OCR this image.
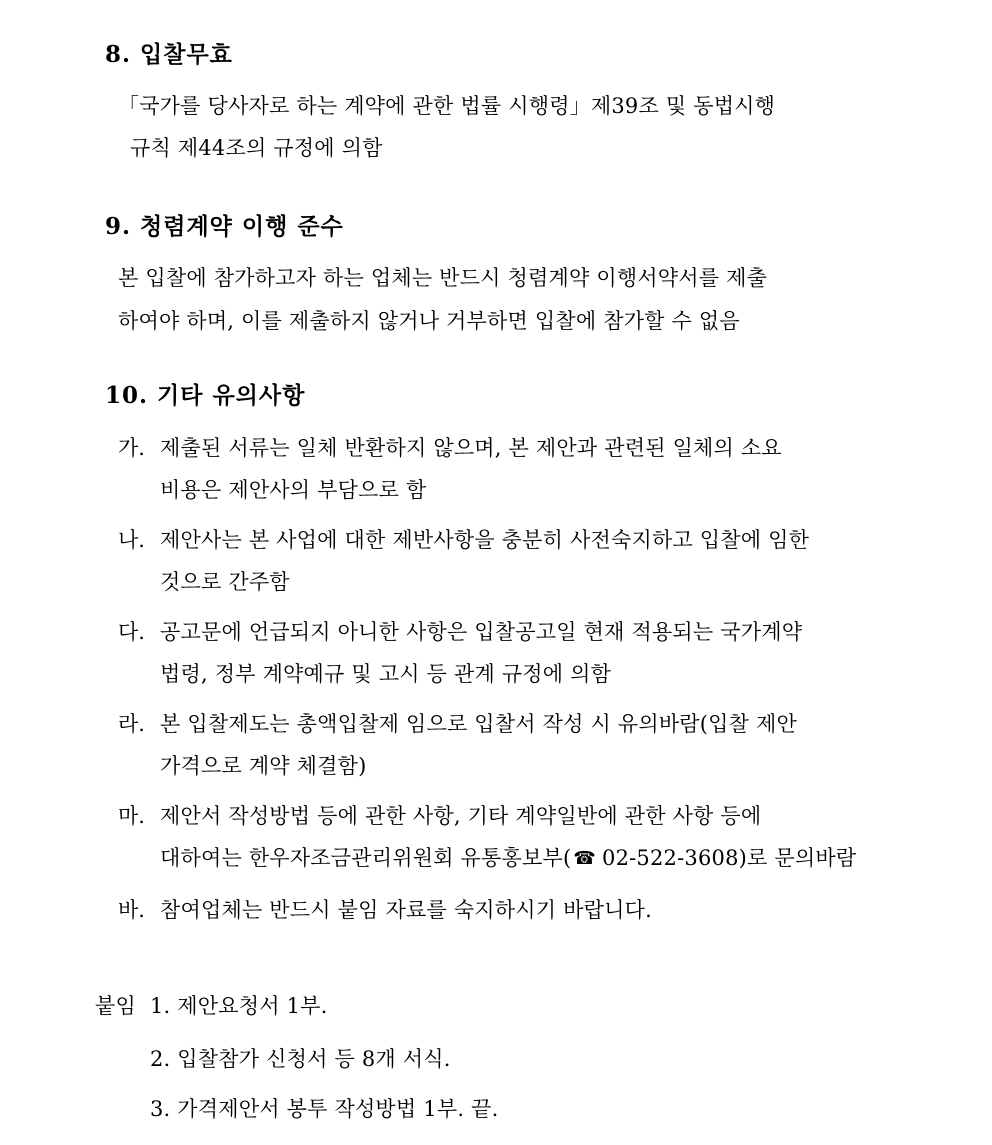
8. 입찰무효
「국가를 당사자로 하는 계약에 관한 법률 시행령」제39조 및 동법시행
규칙 제44조의 규정에 의함
9. 청렴계약 이행 준수
본 입찰에 참가하고자 하는 업체는 반드시 청렴계약 이행서약서를 제출
하여야 하며, 이를 제출하지 않거나 거부하면 입찰에 참가할 수 없음
10. 기타 유의사항
가. 제출된 서류는 일체 반환하지 않으며, 본 제안과 관련된 일체의 소요
비용은 제안사의 부담으로 함
나. 제안사는 본 사업에 대한 제반사항을 충분히 사전숙지하고 입찰에 임한
것으로 간주함
다. 공고문에 언급되지 아니한 사항은 입찰공고일 현재 적용되는 국가계약
법령, 정부 계약예규 및 고시 등 관계 규정에 의함
라. 본 입찰제도는 총액입찰제 임으로 입찰서 작성 시 유의바람(입찰 제안
가격으로 계약 체결함)
마. 제안서 작성방법 등에 관한 사항, 기타 계약일반에 관한 사항 등에
대하여는 한우자조금관리위원회 유통홍보부( ☎ 02-522-3608)로 문의바람
바. 참여업체는 반드시 붙임 자료를 숙지하시기 바랍니다.
붙임 1. 제안요청서 1부.
2. 입찰참가 신청서 등 8개 서식.
3. 가격제안서 봉투 작성방법 1부. 끝.
